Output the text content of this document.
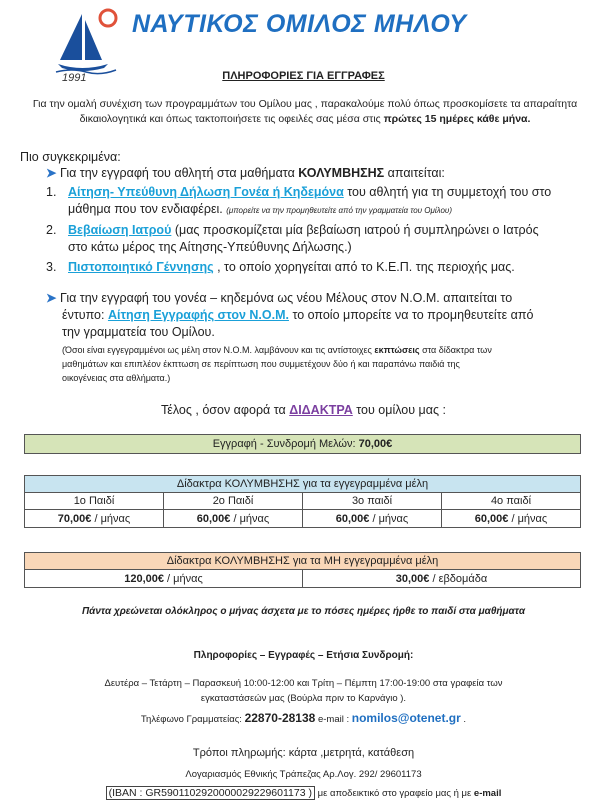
1991
ΝΑΥΤΙΚΟΣ ΟΜΙΛΟΣ ΜΗΛΟΥ
ΠΛΗΡΟΦΟΡΙΕΣ ΓΙΑ ΕΓΓΡΑΦΕΣ
Για την ομαλή συνέχιση των προγραμμάτων του Ομίλου μας , παρακαλούμε πολύ όπως προσκομίσετε τα απαραίτητα δικαιολογητικά και όπως τακτοποιήσετε τις οφειλές σας μέσα στις πρώτες 15 ημέρες κάθε μήνα.
Πιο συγκεκριμένα:
➤ Για την εγγραφή του αθλητή στα μαθήματα ΚΟΛΥΜΒΗΣΗΣ απαιτείται:
1. Αίτηση- Υπεύθυνη Δήλωση Γονέα ή Κηδεμόνα του αθλητή για τη συμμετοχή του στο
μάθημα που τον ενδιαφέρει. (μπορείτε να την προμηθευτείτε από την γραμματεία του Ομίλου)
2. Βεβαίωση Ιατρού (μας προσκομίζεται μία βεβαίωση ιατρού ή συμπληρώνει ο Ιατρός
στο κάτω μέρος της Αίτησης-Υπεύθυνης Δήλωσης.)
3. Πιστοποιητικό Γέννησης , το οποίο χορηγείται από το Κ.Ε.Π. της περιοχής μας.
➤ Για την εγγραφή του γονέα – κηδεμόνα ως νέου Μέλους στον Ν.Ο.Μ. απαιτείται το
έντυπο: Αίτηση Εγγραφής στον Ν.Ο.Μ. το οποίο μπορείτε να το προμηθευτείτε από
την γραμματεία του Ομίλου.
(Όσοι είναι εγγεγραμμένοι ως μέλη στον Ν.Ο.Μ. λαμβάνουν και τις αντίστοιχες εκπτώσεις στα δίδακτρα των
μαθημάτων και επιπλέον έκπτωση σε περίπτωση που συμμετέχουν δύο ή και παραπάνω παιδιά της
οικογένειας στα αθλήματα.)
Τέλος , όσον αφορά τα ΔΙΔΑΚΤΡΑ του ομίλου μας :
Εγγραφή - Συνδρομή Μελών: 70,00€
Δίδακτρα ΚΟΛΥΜΒΗΣΗΣ για τα εγγεγραμμένα μέλη			
1ο Παιδί	2ο Παιδί	3ο παιδί	4ο παιδί
70,00€ / μήνας	60,00€ / μήνας	60,00€ / μήνας	60,00€ / μήνας
Δίδακτρα ΚΟΛΥΜΒΗΣΗΣ για τα ΜΗ εγγεγραμμένα μέλη
120,00€ / μήνας	30,00€ / εβδομάδα
Πάντα χρεώνεται ολόκληρος ο μήνας άσχετα με το πόσες ημέρες ήρθε το παιδί στα μαθήματα
Πληροφορίες – Εγγραφές – Ετήσια Συνδρομή:
Δευτέρα – Τετάρτη – Παρασκευή 10:00-12:00 και Τρίτη – Πέμπτη 17:00-19:00 στα γραφεία των
εγκαταστάσεών μας (Βούρλα πριν το Καρνάγιο ).
Τηλέφωνο Γραμματείας: 22870-28138 e-mail : nomilos@otenet.gr .
Τρόποι πληρωμής: κάρτα ,μετρητά, κατάθεση
Λογαριασμός Εθνικής Τράπεζας Αρ.Λογ. 292/ 29601173
(IBAN : GR5901102920000029229601173 ) με αποδεικτικό στο γραφείο μας ή με e-mail
